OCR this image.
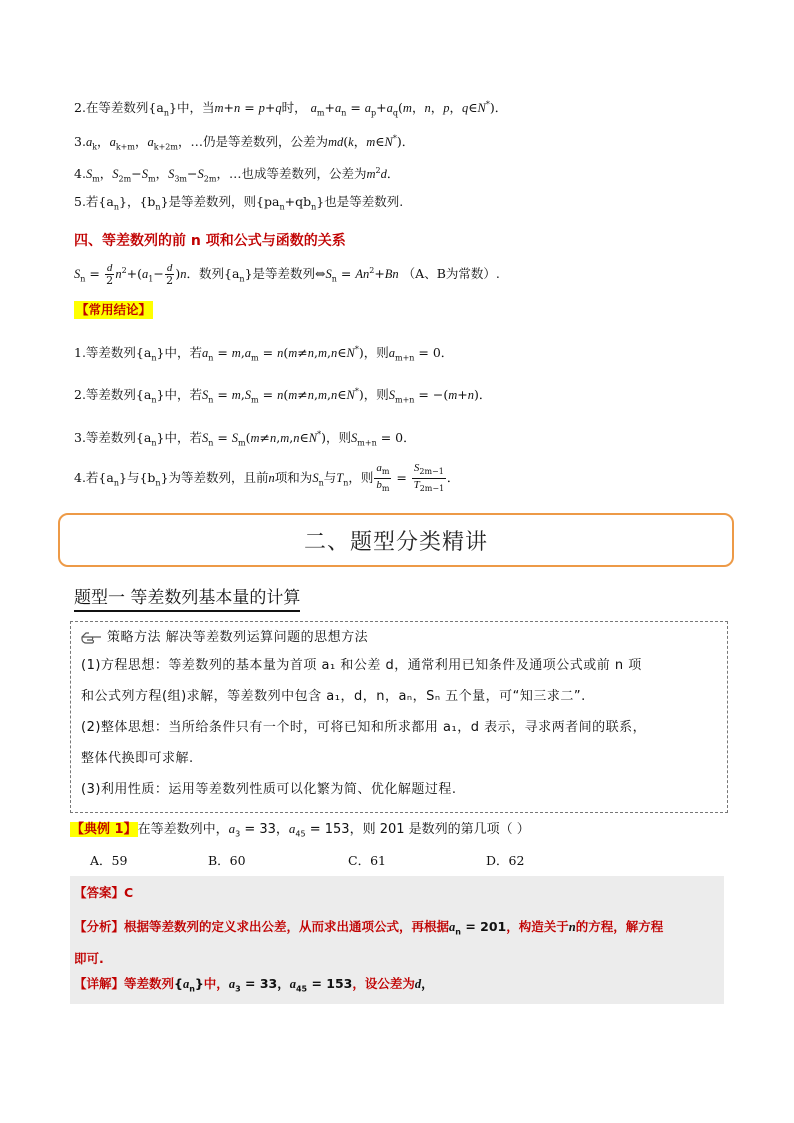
2.在等差数列$\{a_n\}$中，当m+n = p+q时， $a_m+a_n = a_p+a_q(m$，n，p，q∈N*)．
$3.a_k$，$a_{k+m}$，$a_{k+2m}$，…仍是等差数列，公差为md(k，m∈N*)．
$4.S_m$，$S_{2m}-S_m$，$S_{3m}-S_{2m}$，…也成等差数列，公差为$m^2d$．
5.若$\{a_n\}$，$\{b_n\}$是等差数列，则$\{pa_n+qb_n\}$也是等差数列.
四、等差数列的前 n 项和公式与函数的关系
$S_n = \frac{d}{2} n^2+(a_1- \frac{d}{2} )n$．数列$\{a_n\}$是等差数列$\Leftrightarrow S_n = An^2+Bn$ （A、B为常数）.
【常用结论】
1.等差数列$\{a_n\}$中，若$a_n = m,a_m$ = n(m≠n,m,n∈N*)，则$a_{m+n} = 0$．
2.等差数列$\{a_n\}$中，若$S_n = m,S_m$ = n(m≠n,m,n∈N*)，则$S_{m+n} = -(m+n)$．
3.等差数列$\{a_n\}$中，若$S_n$ = $S_m(m\ne n,m,n\in N^*)$，则$S_{m+n} = 0$．
4.若$\{a_n\}$与$\{b_n\}$为等差数列，且前n项和为$S_n$与$T_n$，则 $\frac{a_m}{b_m} = \frac{S_{2m-1}}{T_{2m-1}}$ ．
二、题型分类精讲
题型一 等差数列基本量的计算
策略方法 解决等差数列运算问题的思想方法
(1)方程思想：等差数列的基本量为首项 a₁ 和公差 d，通常利用已知条件及通项公式或前 n 项
和公式列方程(组)求解，等差数列中包含 a₁，d，n，aₙ，Sₙ 五个量，可“知三求二”.
(2)整体思想：当所给条件只有一个时，可将已知和所求都用 a₁，d 表示，寻求两者间的联系，
整体代换即可求解.
(3)利用性质：运用等差数列性质可以化繁为简、优化解题过程.
【典例 1】在等差数列中，$a_3 = 33$，$a_{45} = 153$，则 201 是数列的第几项（ ）
A．59	B．60	C．61	D．62
【答案】C
【分析】根据等差数列的定义求出公差，从而求出通项公式，再根据$a_n = 201$，构造关于n的方程，解方程
即可.
【详解】等差数列$\{a_n\}$中，$a_3 = 33$，$a_{45} = 153$，设公差为d，
